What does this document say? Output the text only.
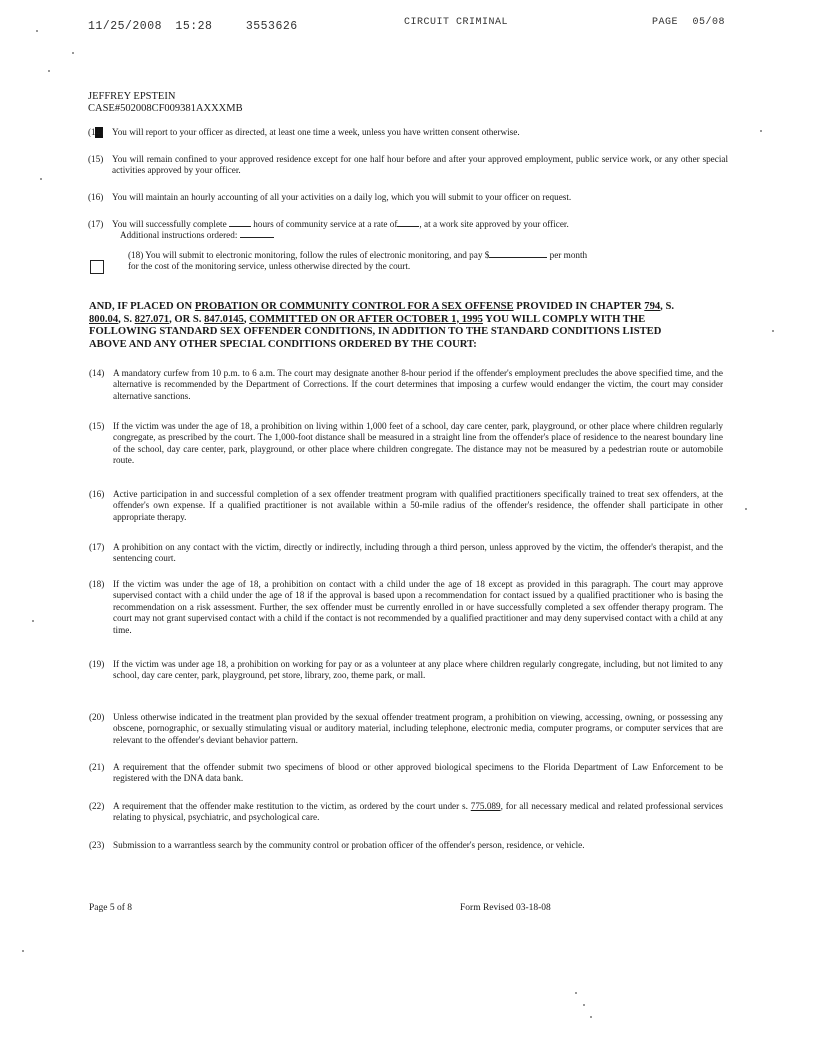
11/25/2008 15:28	3553626	CIRCUIT CRIMINAL	PAGE 05/08
JEFFREY EPSTEIN
CASE#502008CF009381AXXXMB
(14) You will report to your officer as directed, at least one time a week, unless you have written consent otherwise.
(15) You will remain confined to your approved residence except for one half hour before and after your approved employment, public service work, or any other special activities approved by your officer.
(16) You will maintain an hourly accounting of all your activities on a daily log, which you will submit to your officer on request.
(17) You will successfully complete	hours of community service at a rate of , at a work site approved by your officer.
Additional instructions ordered:
(18) You will submit to electronic monitoring, follow the rules of electronic monitoring, and pay $	per month
for the cost of the monitoring service, unless otherwise directed by the court.
AND, IF PLACED ON PROBATION OR COMMUNITY CONTROL FOR A SEX OFFENSE PROVIDED IN CHAPTER 794, S. 800.04, S. 827.071, OR S. 847.0145, COMMITTED ON OR AFTER OCTOBER 1, 1995 YOU WILL COMPLY WITH THE FOLLOWING STANDARD SEX OFFENDER CONDITIONS, IN ADDITION TO THE STANDARD CONDITIONS LISTED ABOVE AND ANY OTHER SPECIAL CONDITIONS ORDERED BY THE COURT:
(14) A mandatory curfew from 10 p.m. to 6 a.m. The court may designate another 8-hour period if the offender's employment precludes the above specified time, and the alternative is recommended by the Department of Corrections. If the court determines that imposing a curfew would endanger the victim, the court may consider alternative sanctions.
(15) If the victim was under the age of 18, a prohibition on living within 1,000 feet of a school, day care center, park, playground, or other place where children regularly congregate, as prescribed by the court. The 1,000-foot distance shall be measured in a straight line from the offender's place of residence to the nearest boundary line of the school, day care center, park, playground, or other place where children congregate. The distance may not be measured by a pedestrian route or automobile route.
(16) Active participation in and successful completion of a sex offender treatment program with qualified practitioners specifically trained to treat sex offenders, at the offender's own expense. If a qualified practitioner is not available within a 50-mile radius of the offender's residence, the offender shall participate in other appropriate therapy.
(17) A prohibition on any contact with the victim, directly or indirectly, including through a third person, unless approved by the victim, the offender's therapist, and the sentencing court.
(18) If the victim was under the age of 18, a prohibition on contact with a child under the age of 18 except as provided in this paragraph. The court may approve supervised contact with a child under the age of 18 if the approval is based upon a recommendation for contact issued by a qualified practitioner who is basing the recommendation on a risk assessment. Further, the sex offender must be currently enrolled in or have successfully completed a sex offender therapy program. The court may not grant supervised contact with a child if the contact is not recommended by a qualified practitioner and may deny supervised contact with a child at any time.
(19) If the victim was under age 18, a prohibition on working for pay or as a volunteer at any place where children regularly congregate, including, but not limited to any school, day care center, park, playground, pet store, library, zoo, theme park, or mall.
(20) Unless otherwise indicated in the treatment plan provided by the sexual offender treatment program, a prohibition on viewing, accessing, owning, or possessing any obscene, pornographic, or sexually stimulating visual or auditory material, including telephone, electronic media, computer programs, or computer services that are relevant to the offender's deviant behavior pattern.
(21) A requirement that the offender submit two specimens of blood or other approved biological specimens to the Florida Department of Law Enforcement to be registered with the DNA data bank.
(22) A requirement that the offender make restitution to the victim, as ordered by the court under s. 775.089, for all necessary medical and related professional services relating to physical, psychiatric, and psychological care.
(23) Submission to a warrantless search by the community control or probation officer of the offender's person, residence, or vehicle.
Page 5 of 8	Form Revised 03-18-08
